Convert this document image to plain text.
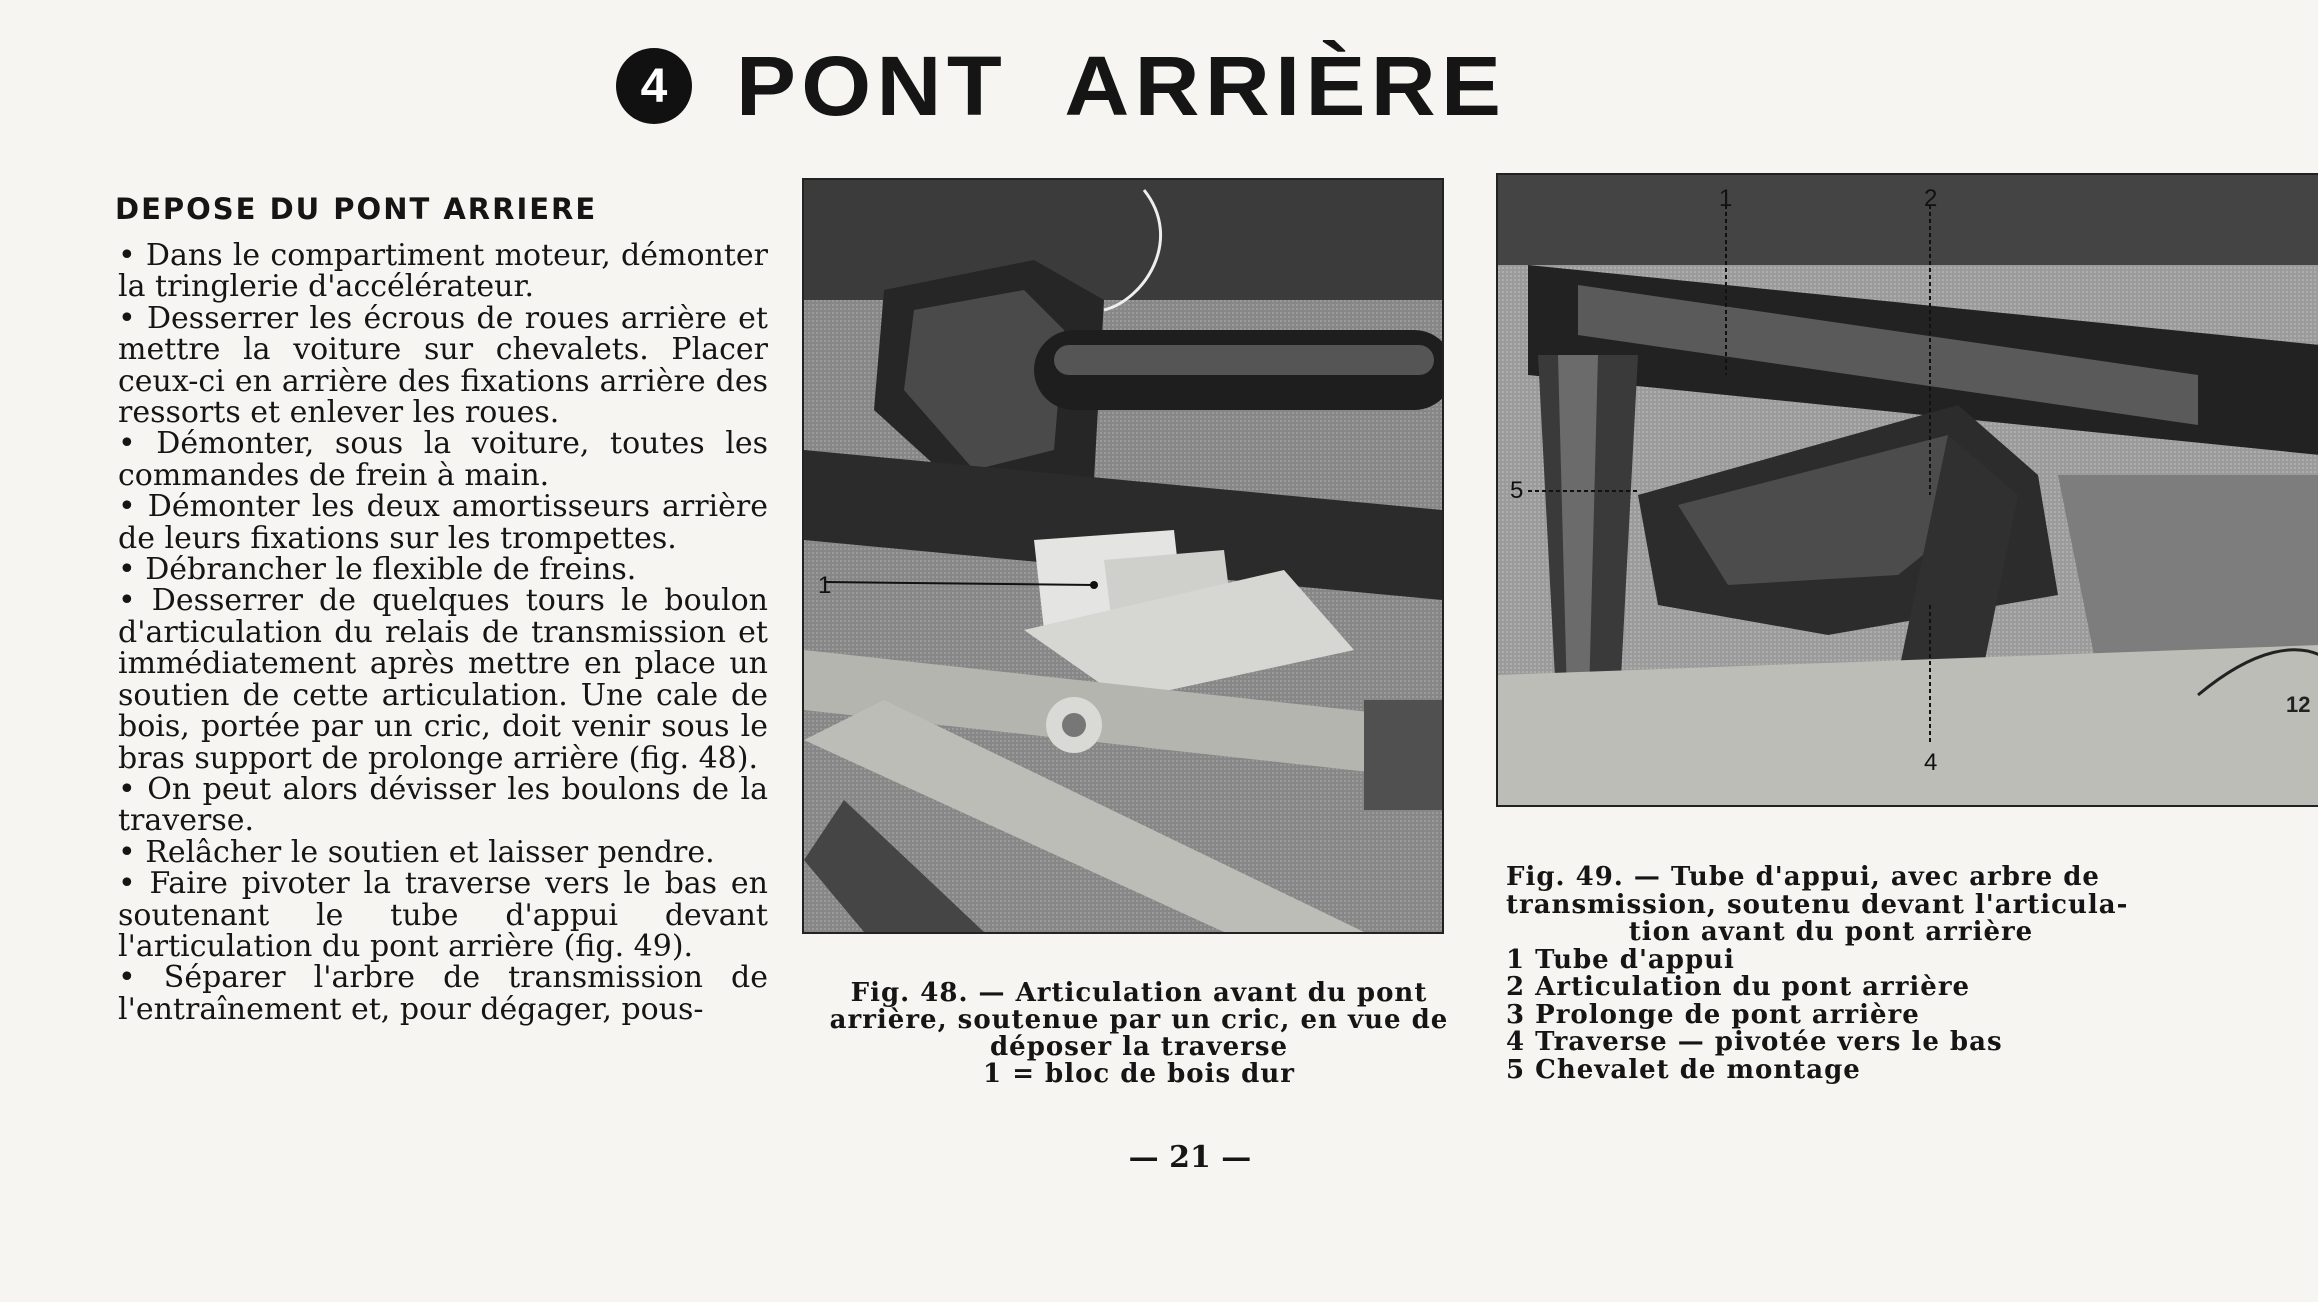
4 PONT  ARRIÈRE
DEPOSE DU PONT ARRIERE

• Dans le compartiment moteur, démonter la tringlerie d'accélérateur.

• Desserrer les écrous de roues arrière et mettre la voiture sur chevalets. Placer ceux-ci en arrière des fixations arrière des ressorts et enlever les roues.

• Démonter, sous la voiture, toutes les commandes de frein à main.

• Démonter les deux amortisseurs arrière de leurs fixations sur les trompettes.

• Débrancher le flexible de freins.

• Desserrer de quelques tours le boulon d'articulation du relais de transmission et immédiatement après mettre en place un soutien de cette articulation. Une cale de bois, portée par un cric, doit venir sous le bras support de prolonge arrière (fig. 48).

• On peut alors dévisser les boulons de la traverse.

• Relâcher le soutien et laisser pendre.

• Faire pivoter la traverse vers le bas en soutenant le tube d'appui devant l'articulation du pont arrière (fig. 49).

• Séparer l'arbre de transmission de l'entraînement et, pour dégager, pous-

1

Fig. 48. — Articulation avant du pont

arrière, soutenue par un cric, en vue de

déposer la traverse

1 = bloc de bois dur

1	2
4
5
12

Fig. 49. — Tube d'appui, avec arbre de

transmission, soutenu devant l'articula-

tion avant du pont arrière

1 Tube d'appui
2 Articulation du pont arrière
3 Prolonge de pont arrière
4 Traverse — pivotée vers le bas
5 Chevalet de montage
— 21 —
